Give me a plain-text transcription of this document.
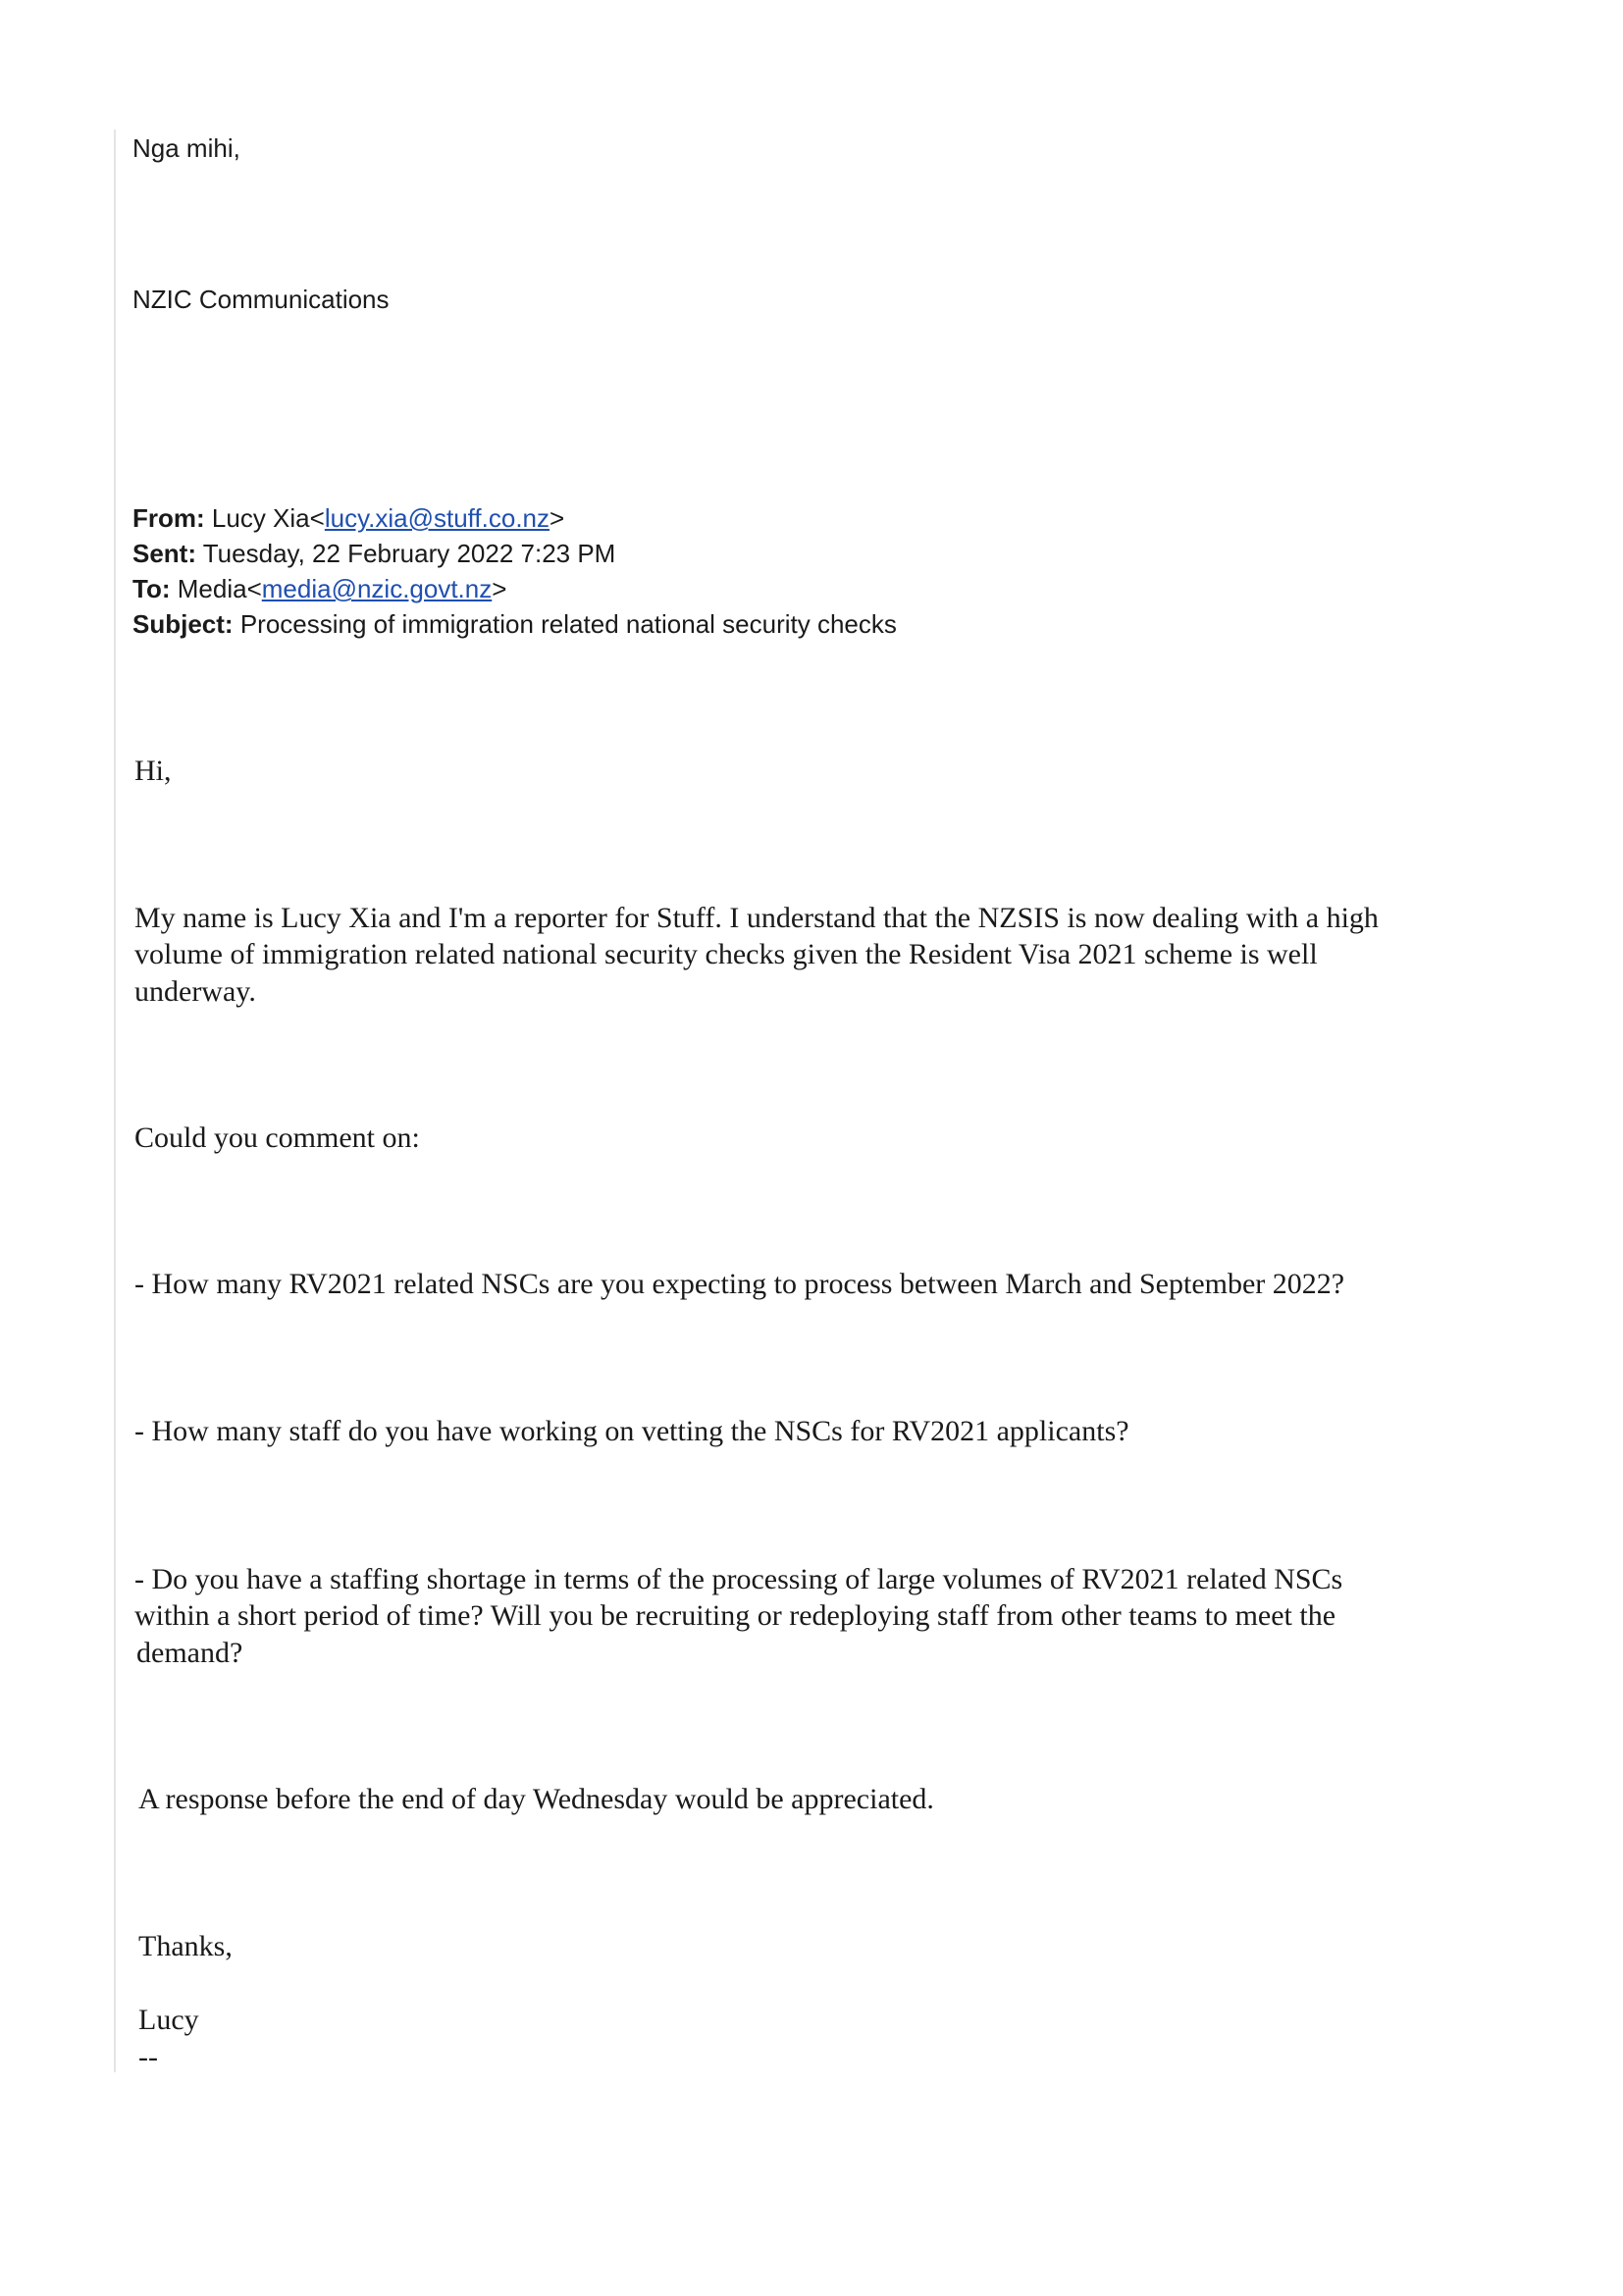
Nga mihi,
NZIC Communications
From: Lucy Xia<lucy.xia@stuff.co.nz>
Sent: Tuesday, 22 February 2022 7:23 PM
To: Media<media@nzic.govt.nz>
Subject: Processing of immigration related national security checks
Hi,
My name is Lucy Xia and I'm a reporter for Stuff. I understand that the NZSIS is now dealing with a high
volume of immigration related national security checks given the Resident Visa 2021 scheme is well
underway.
Could you comment on:
- How many RV2021 related NSCs are you expecting to process between March and September 2022?
- How many staff do you have working on vetting the NSCs for RV2021 applicants?
- Do you have a staffing shortage in terms of the processing of large volumes of RV2021 related NSCs
within a short period of time? Will you be recruiting or redeploying staff from other teams to meet the
demand?
A response before the end of day Wednesday would be appreciated.
Thanks,
Lucy
--
